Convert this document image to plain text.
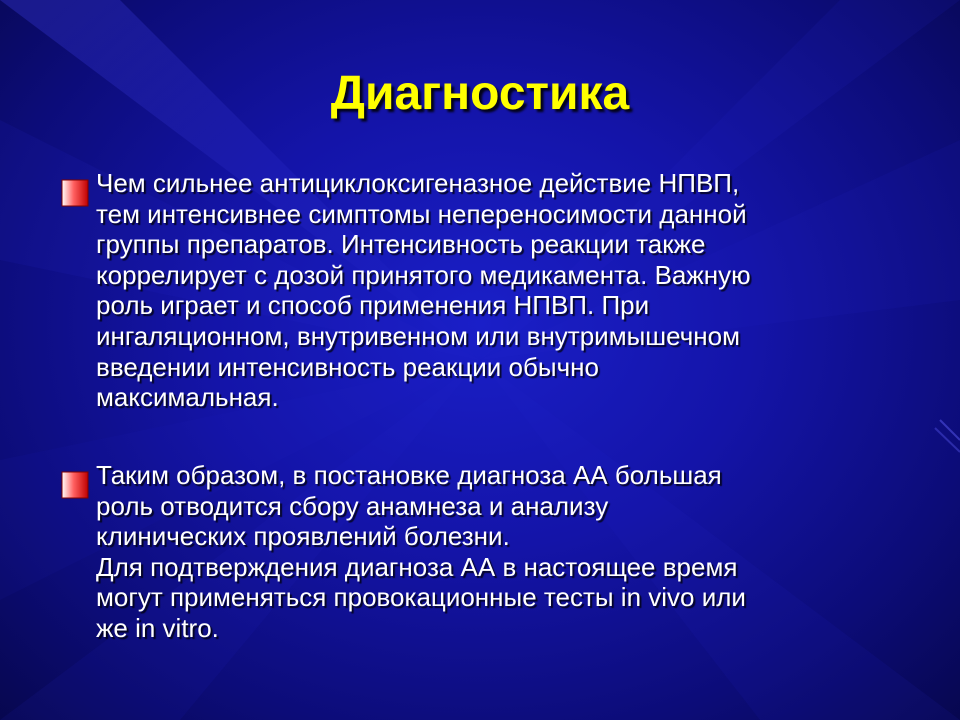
Диагностика
Чем сильнее антициклоксигеназное действие НПВП,
тем интенсивнее симптомы непереносимости данной
группы препаратов. Интенсивность реакции также
коррелирует с дозой принятого медикамента. Важную
роль играет и способ применения НПВП. При
ингаляционном, внутривенном или внутримышечном
введении интенсивность реакции обычно
максимальная.
Таким образом, в постановке диагноза АА большая
роль отводится сбору анамнеза и анализу
клинических проявлений болезни.
Для подтверждения диагноза АА в настоящее время
могут применяться провокационные тесты in vivo или
же in vitro.
